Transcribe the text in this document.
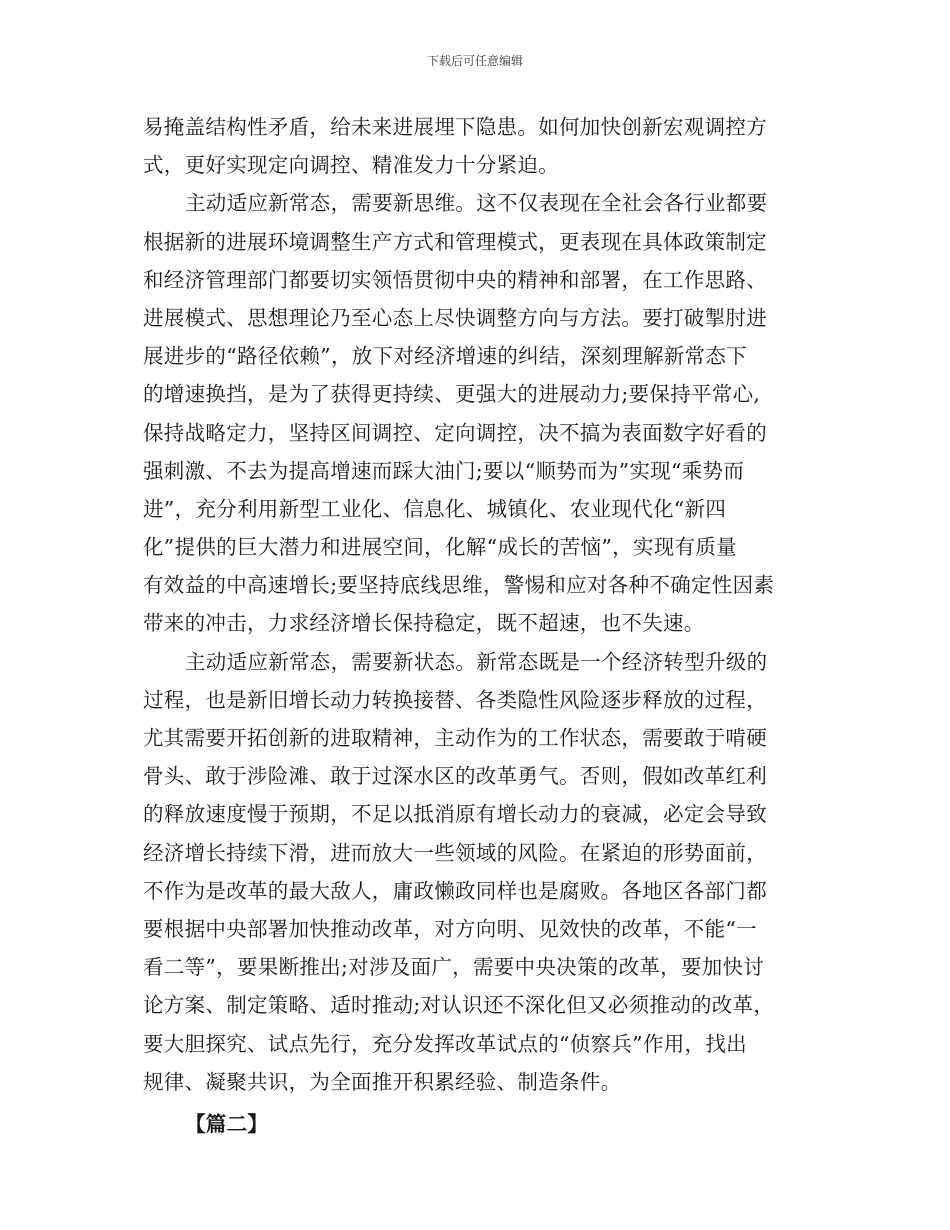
下载后可任意编辑
易掩盖结构性矛盾，给未来进展埋下隐患。如何加快创新宏观调控方
式，更好实现定向调控、精准发力十分紧迫。
主动适应新常态，需要新思维。这不仅表现在全社会各行业都要
根据新的进展环境调整生产方式和管理模式，更表现在具体政策制定
和经济管理部门都要切实领悟贯彻中央的精神和部署，在工作思路、
进展模式、思想理论乃至心态上尽快调整方向与方法。要打破掣肘进
展进步的“路径依赖”，放下对经济增速的纠结，深刻理解新常态下
的增速换挡，是为了获得更持续、更强大的进展动力;要保持平常心,
保持战略定力，坚持区间调控、定向调控，决不搞为表面数字好看的
强刺激、不去为提高增速而踩大油门;要以“顺势而为”实现“乘势而
进”，充分利用新型工业化、信息化、城镇化、农业现代化“新四
化”提供的巨大潜力和进展空间，化解“成长的苦恼”，实现有质量
有效益的中高速增长;要坚持底线思维，警惕和应对各种不确定性因素
带来的冲击，力求经济增长保持稳定，既不超速，也不失速。
主动适应新常态，需要新状态。新常态既是一个经济转型升级的
过程，也是新旧增长动力转换接替、各类隐性风险逐步释放的过程，
尤其需要开拓创新的进取精神，主动作为的工作状态，需要敢于啃硬
骨头、敢于涉险滩、敢于过深水区的改革勇气。否则，假如改革红利
的释放速度慢于预期，不足以抵消原有增长动力的衰减，必定会导致
经济增长持续下滑，进而放大一些领域的风险。在紧迫的形势面前，
不作为是改革的最大敌人，庸政懒政同样也是腐败。各地区各部门都
要根据中央部署加快推动改革，对方向明、见效快的改革，不能“一
看二等”，要果断推出;对涉及面广，需要中央决策的改革，要加快讨
论方案、制定策略、适时推动;对认识还不深化但又必须推动的改革，
要大胆探究、试点先行，充分发挥改革试点的“侦察兵”作用，找出
规律、凝聚共识，为全面推开积累经验、制造条件。
【篇二】
